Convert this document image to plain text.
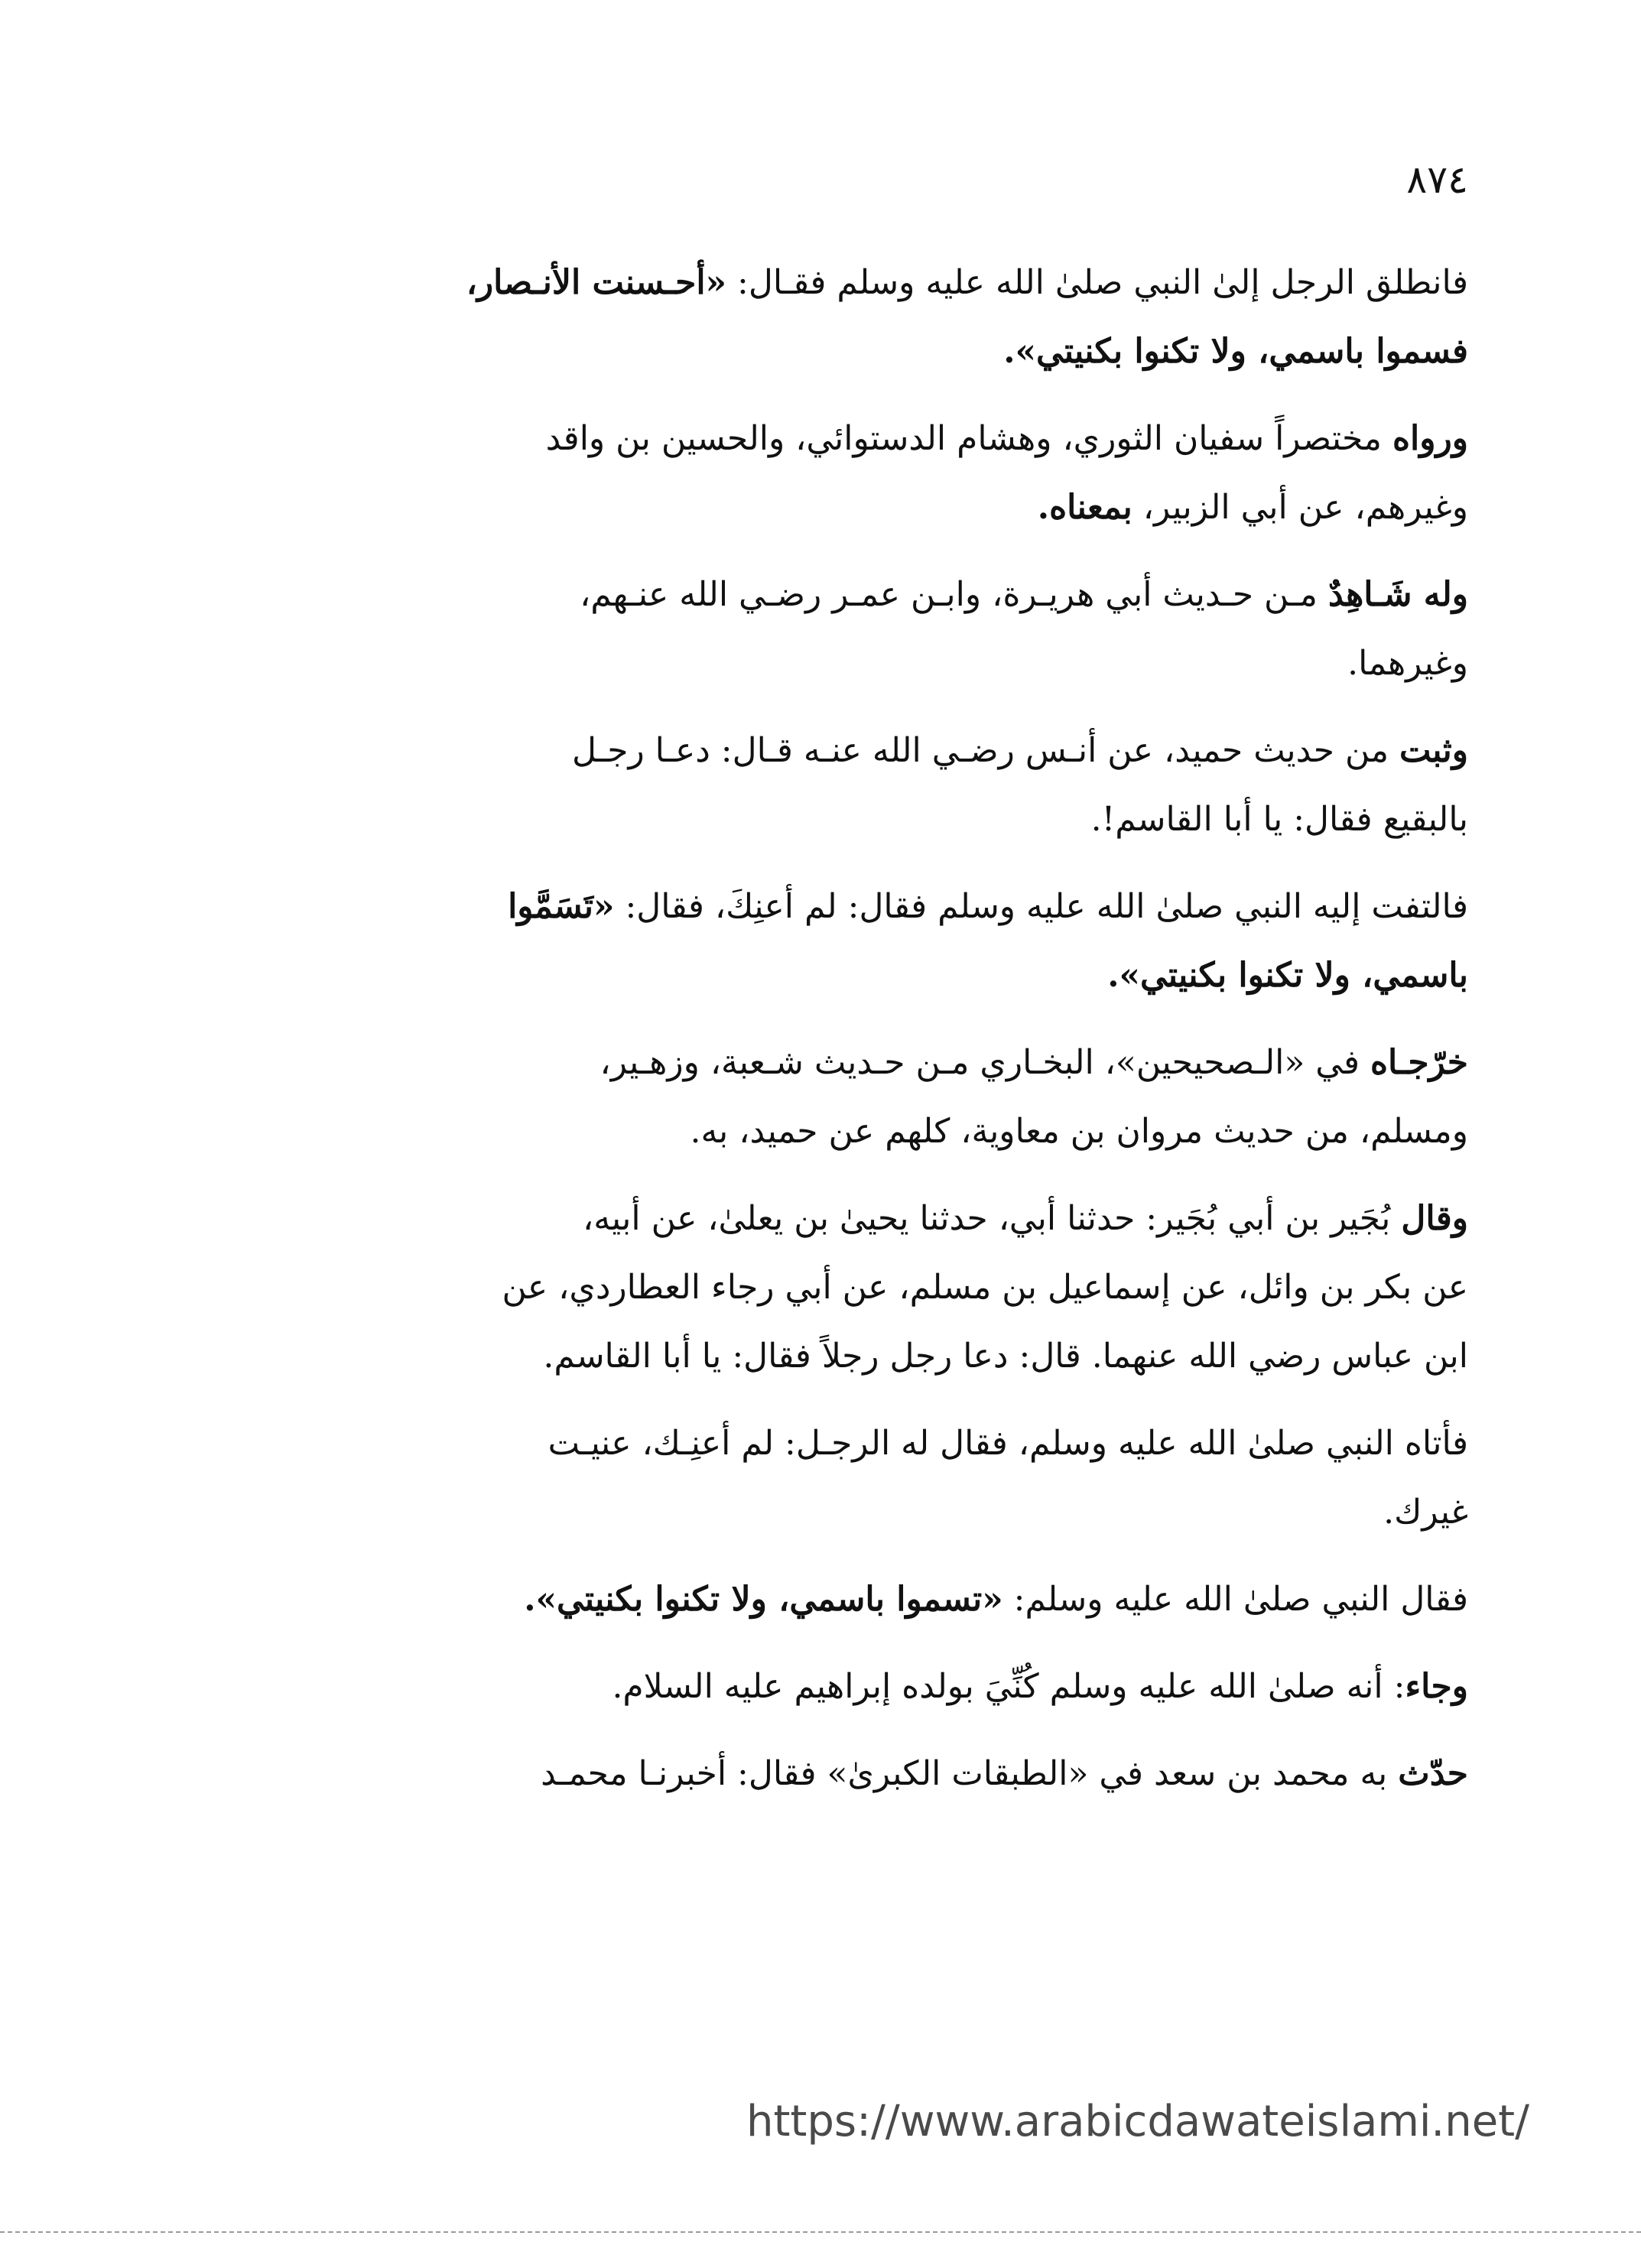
٨٧٤

فانطلق الرجل إلىٰ النبي صلىٰ الله عليه وسلم فقـال: «أحـسنت الأنـصار،
فسموا باسمي، ولا تكنوا بكنيتي».

ورواه مختصراً سفيان الثوري، وهشام الدستوائي، والحسين بن واقد
وغيرهم، عن أبي الزبير، بمعناه.

وله شَـاهِدٌ مـن حـديث أبي هريـرة، وابـن عمـر رضـي الله عنـهم،
وغيرهما.

وثبت من حديث حميد، عن أنـس رضـي الله عنـه قـال: دعـا رجـل
بالبقيع فقال: يا أبا القاسم!.

فالتفت إليه النبي صلىٰ الله عليه وسلم فقال: لم أعنِكَ، فقال: «تَسَمَّوا
باسمي، ولا تكنوا بكنيتي».

خرّجـاه في «الـصحيحين»، البخـاري مـن حـديث شـعبة، وزهـير،
ومسلم، من حديث مروان بن معاوية، كلهم عن حميد، به.

وقال بُجَير بن أبي بُجَير: حدثنا أبي، حدثنا يحيىٰ بن يعلىٰ، عن أبيه،
عن بكر بن وائل، عن إسماعيل بن مسلم، عن أبي رجاء العطاردي، عن
ابن عباس رضي الله عنهما. قال: دعا رجل رجلاً فقال: يا أبا القاسم.

فأتاه النبي صلىٰ الله عليه وسلم، فقال له الرجـل: لم أعنِـك، عنيـت
غيرك.

فقال النبي صلىٰ الله عليه وسلم: «تسموا باسمي، ولا تكنوا بكنيتي».

وجاء: أنه صلىٰ الله عليه وسلم كُنِّيَ بولده إبراهيم عليه السلام.

حدّث به محمد بن سعد في «الطبقات الكبرىٰ» فقال: أخبرنـا محمـد

https://www.arabicdawateislami.net/
